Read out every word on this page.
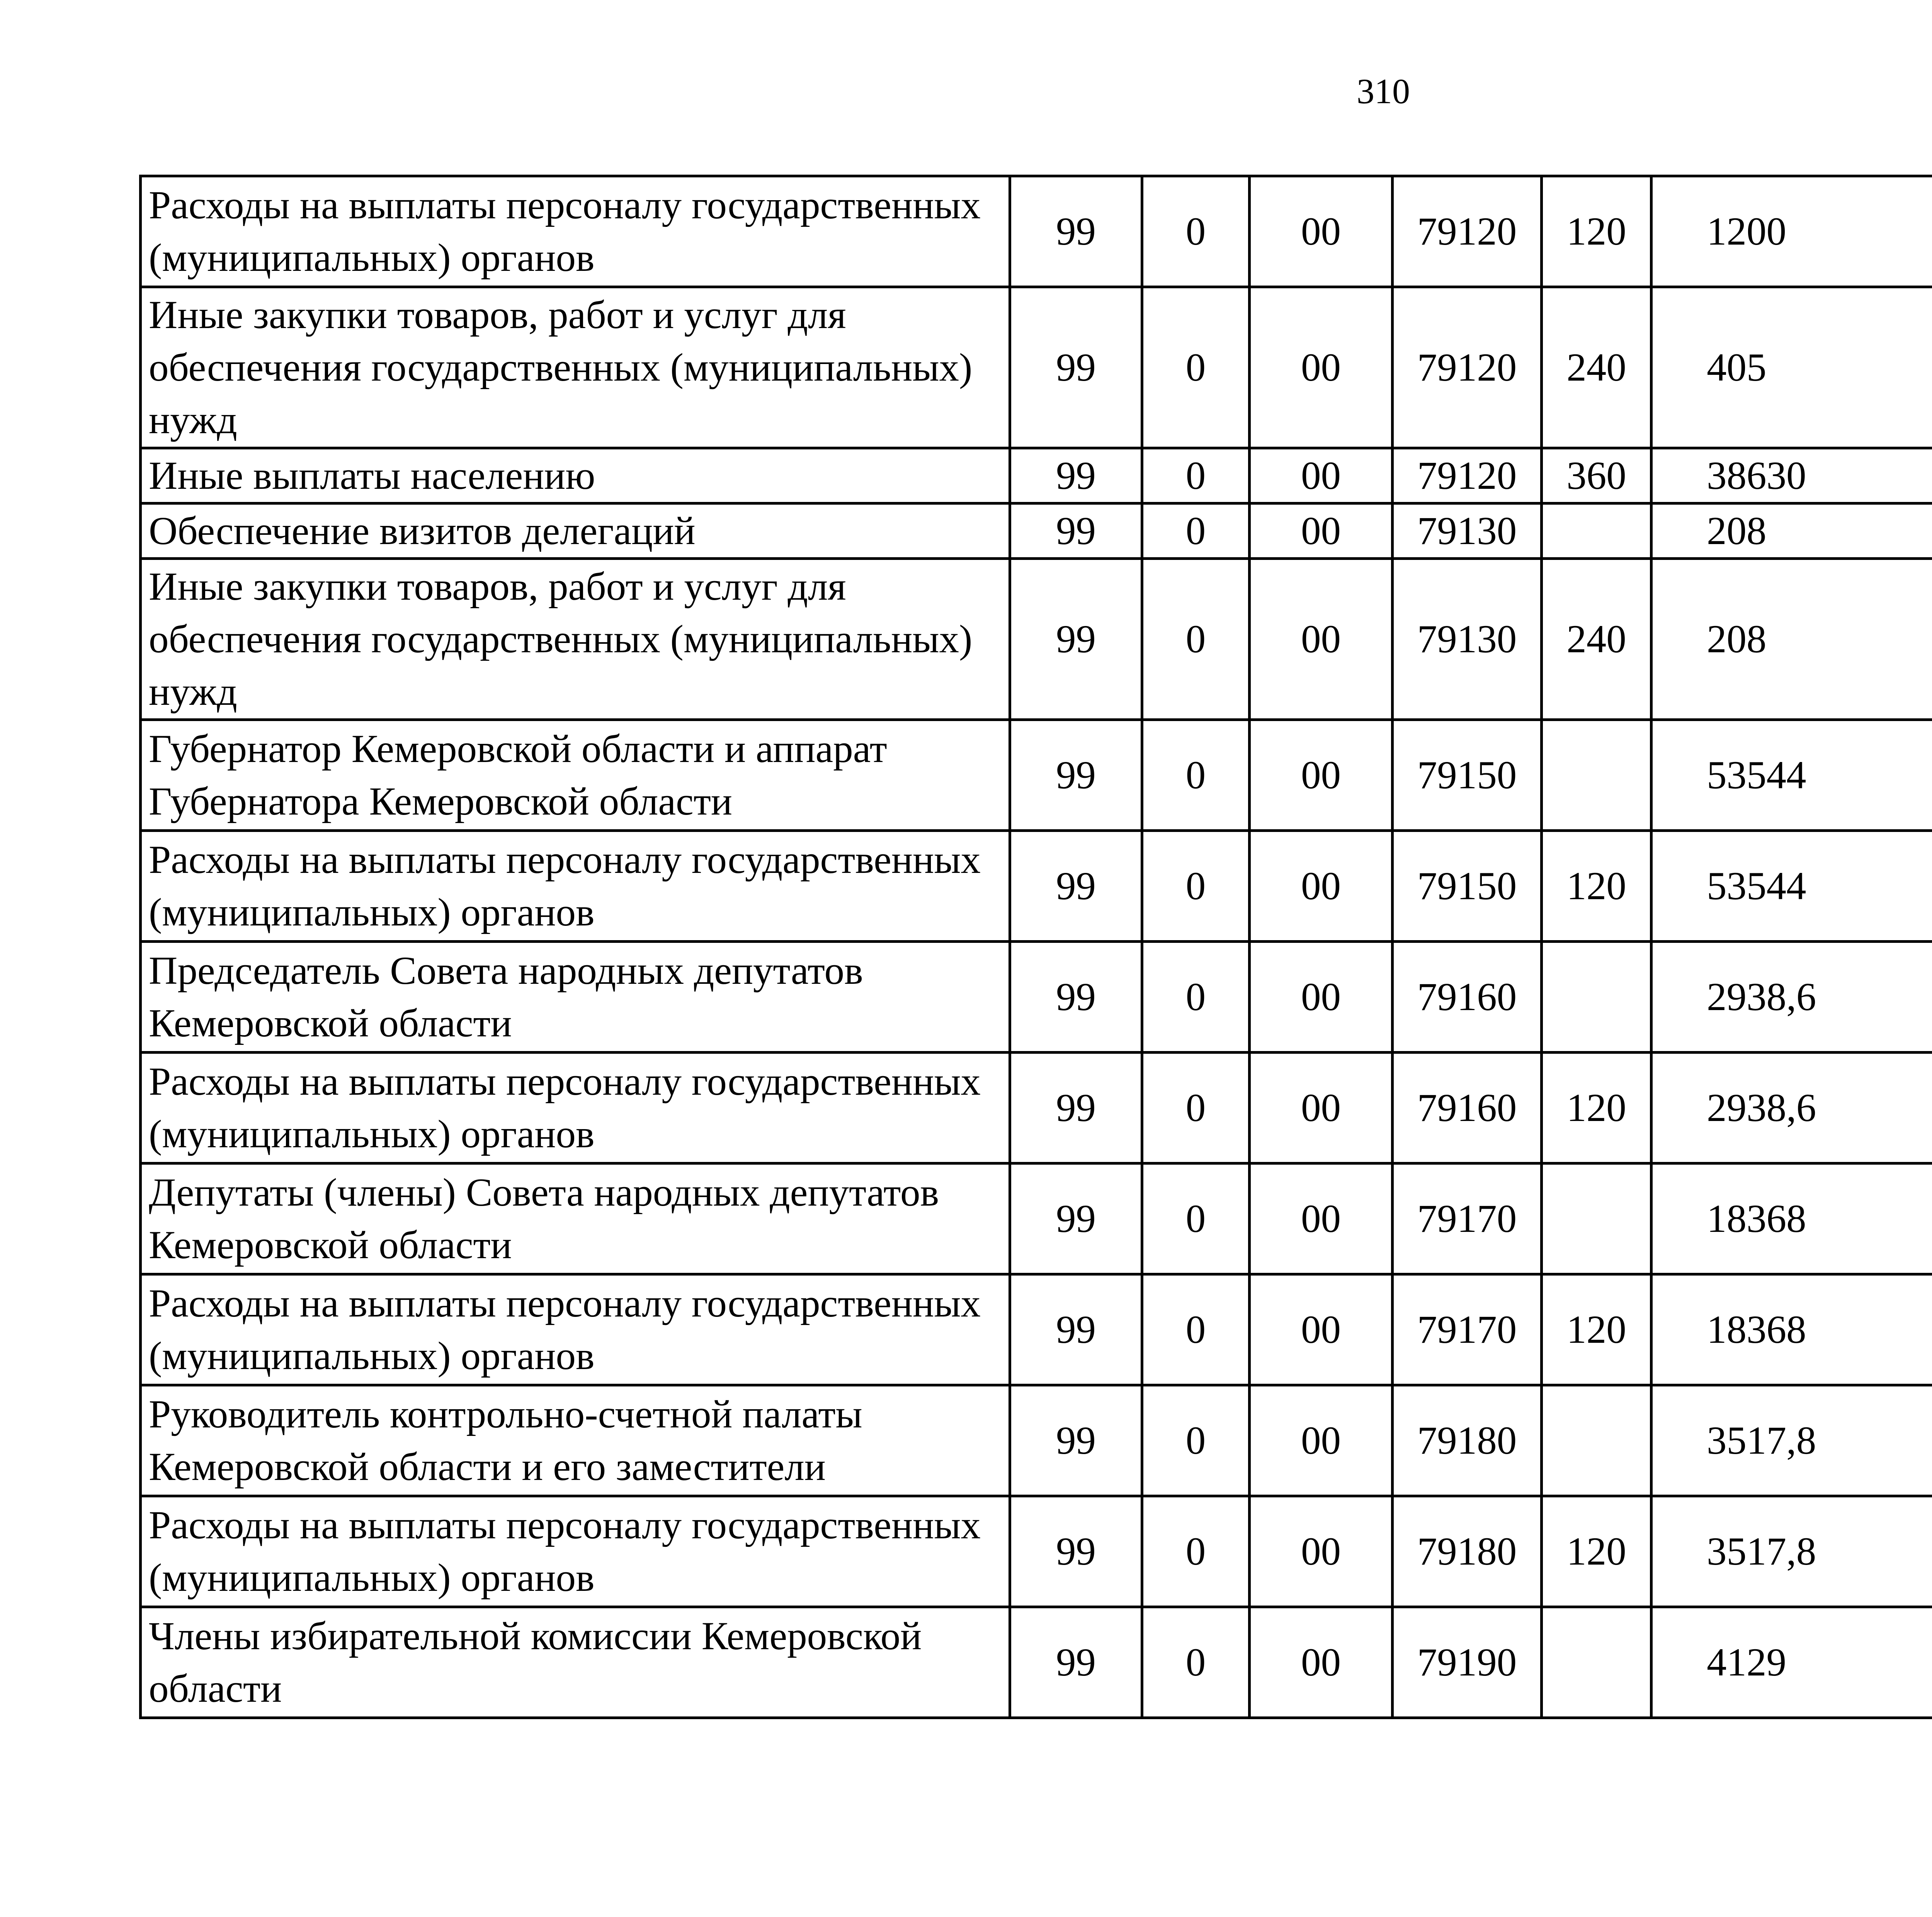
310
Расходы на выплаты персоналу государственных (муниципальных) органов	99	0	00	79120	120	1200		
Иные закупки товаров, работ и услуг для обеспечения государственных (муниципальных) нужд	99	0	00	79120	240	405		
Иные выплаты населению	99	0	00	79120	360	38630		
Обеспечение визитов делегаций	99	0	00	79130		208		
Иные закупки товаров, работ и услуг для обеспечения государственных (муниципальных) нужд	99	0	00	79130	240	208		
Губернатор Кемеровской области и аппарат Губернатора Кемеровской области	99	0	00	79150		53544		
Расходы на выплаты персоналу государственных (муниципальных) органов	99	0	00	79150	120	53544		
Председатель Совета народных депутатов Кемеровской области	99	0	00	79160		2938,6		
Расходы на выплаты персоналу государственных (муниципальных) органов	99	0	00	79160	120	2938,6		
Депутаты (члены) Совета народных депутатов Кемеровской области	99	0	00	79170		18368		
Расходы на выплаты персоналу государственных (муниципальных) органов	99	0	00	79170	120	18368		
Руководитель контрольно-счетной палаты Кемеровской области и его заместители	99	0	00	79180		3517,8		
Расходы на выплаты персоналу государственных (муниципальных) органов	99	0	00	79180	120	3517,8		
Члены избирательной комиссии Кемеровской области	99	0	00	79190		4129		
